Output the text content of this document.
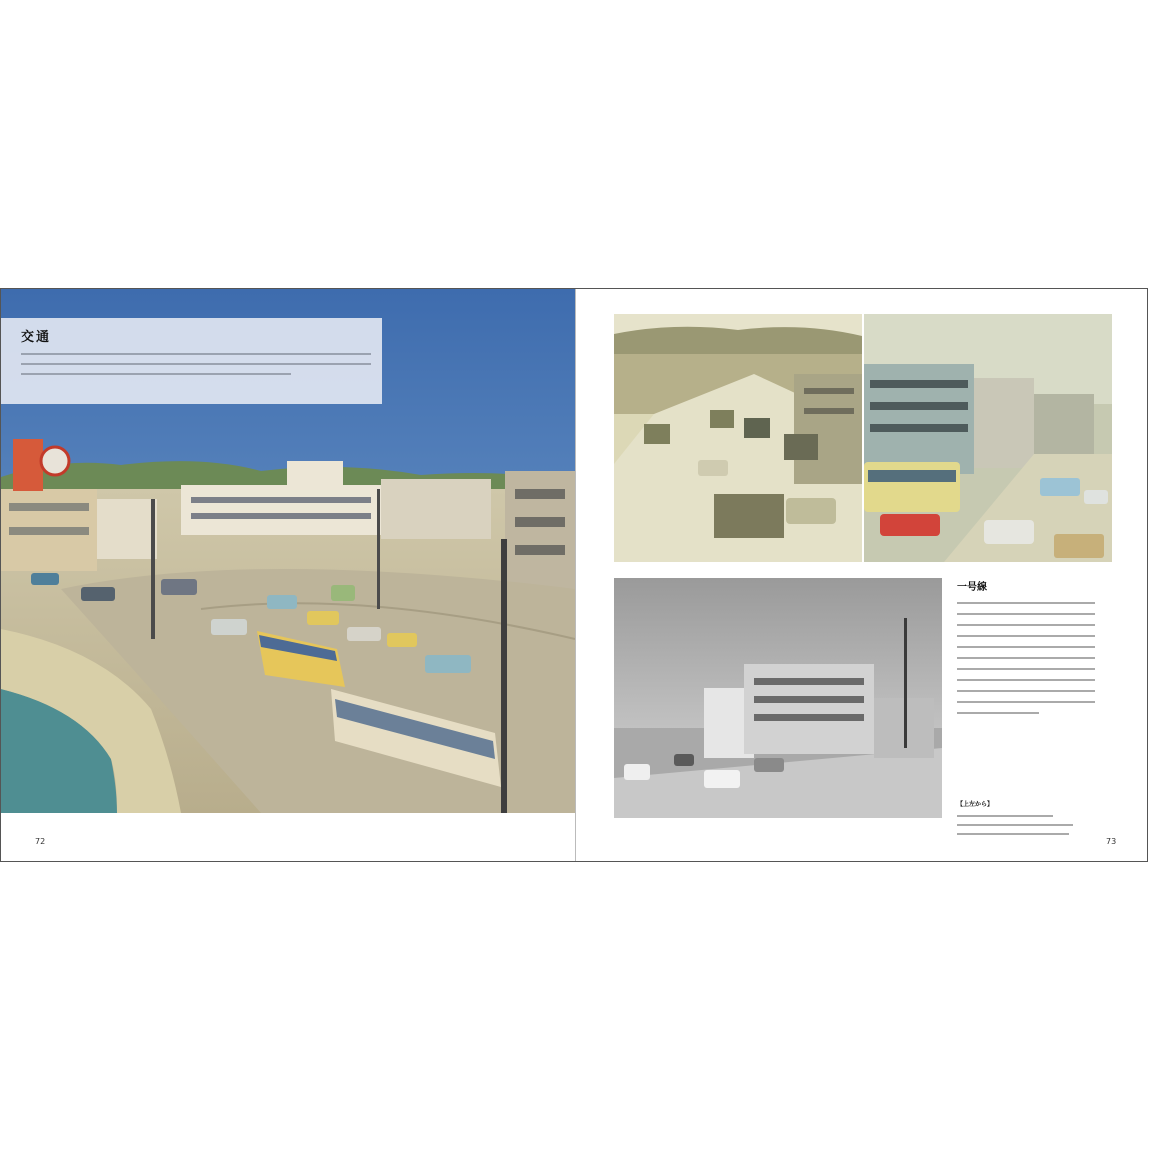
交通
72	73
一号線
【上左から】
